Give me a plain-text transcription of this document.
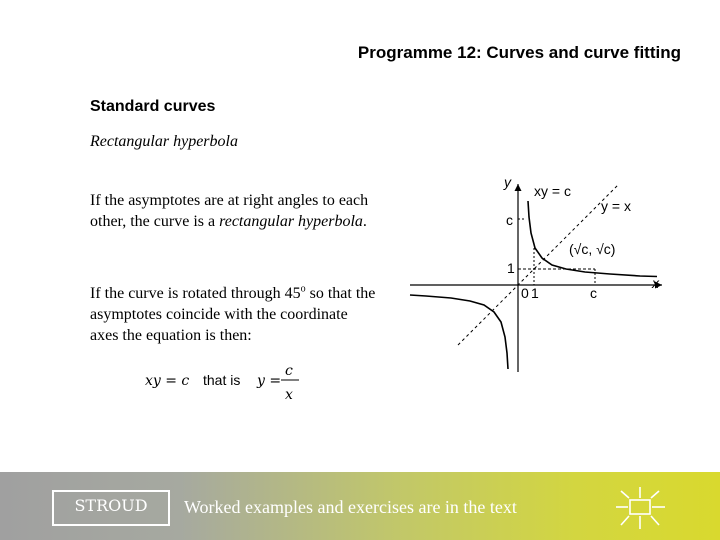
Programme 12: Curves and curve fitting
Standard curves
Rectangular hyperbola
If the asymptotes are at right angles to each other, the curve is a rectangular hyperbola.
If the curve is rotated through 45$^o$ so that the asymptotes coincide with the coordinate axes the equation is then:
xy = c that is y =
c
x
y
xy = c
y = x
(√c, √c)
c
1
0 1	c
x
STROUD	Worked examples and exercises are in the text
